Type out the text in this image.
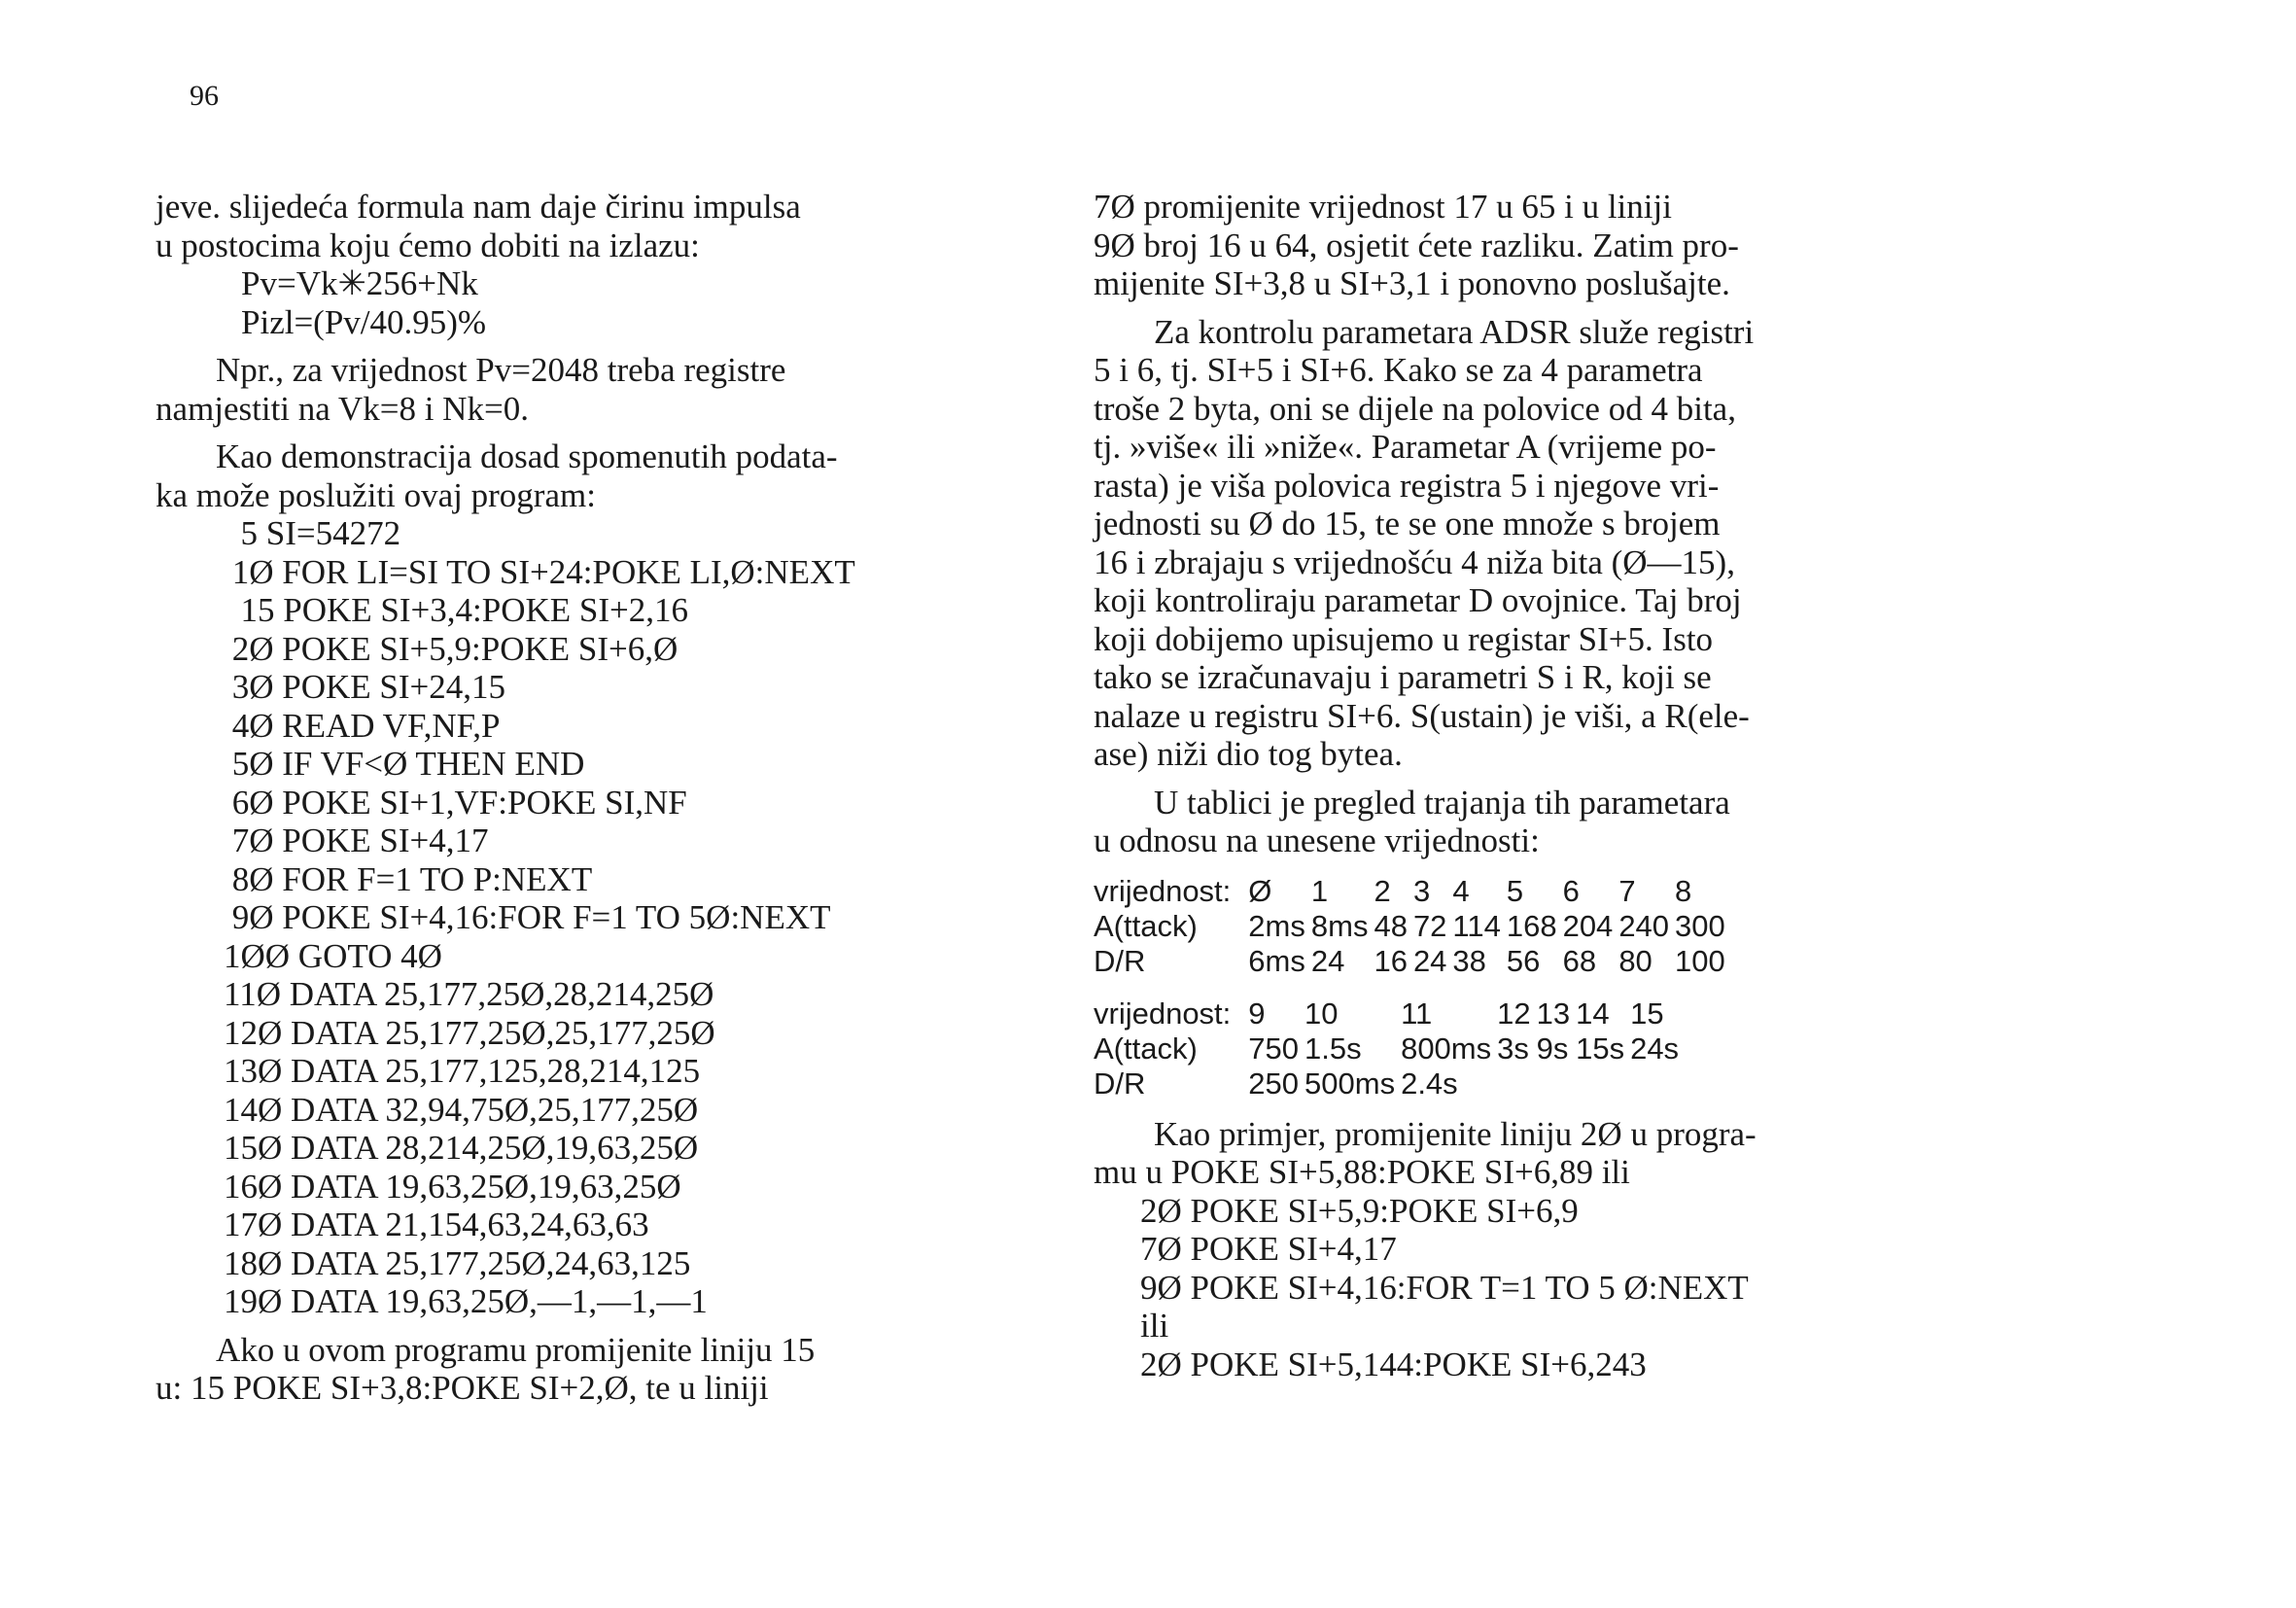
96
jeve. slijedeća formula nam daje čirinu impulsa
u postocima koju ćemo dobiti na izlazu:
Pv=Vk✳256+Nk
Pizl=(Pv/40.95)%
Npr., za vrijednost Pv=2048 treba registre
namjestiti na Vk=8 i Nk=0.
Kao demonstracija dosad spomenutih podata-
ka može poslužiti ovaj program:
5 SI=54272
1Ø FOR LI=SI TO SI+24:POKE LI,Ø:NEXT
15 POKE SI+3,4:POKE SI+2,16
2Ø POKE SI+5,9:POKE SI+6,Ø
3Ø POKE SI+24,15
4Ø READ VF,NF,P
5Ø IF VF<Ø THEN END
6Ø POKE SI+1,VF:POKE SI,NF
7Ø POKE SI+4,17
8Ø FOR F=1 TO P:NEXT
9Ø POKE SI+4,16:FOR F=1 TO 5Ø:NEXT
1ØØ GOTO 4Ø
11Ø DATA 25,177,25Ø,28,214,25Ø
12Ø DATA 25,177,25Ø,25,177,25Ø
13Ø DATA 25,177,125,28,214,125
14Ø DATA 32,94,75Ø,25,177,25Ø
15Ø DATA 28,214,25Ø,19,63,25Ø
16Ø DATA 19,63,25Ø,19,63,25Ø
17Ø DATA 21,154,63,24,63,63
18Ø DATA 25,177,25Ø,24,63,125
19Ø DATA 19,63,25Ø,—1,—1,—1
Ako u ovom programu promijenite liniju 15
u: 15 POKE SI+3,8:POKE SI+2,Ø, te u liniji
7Ø promijenite vrijednost 17 u 65 i u liniji
9Ø broj 16 u 64, osjetit ćete razliku. Zatim pro-
mijenite SI+3,8 u SI+3,1 i ponovno poslušajte.
Za kontrolu parametara ADSR služe registri
5 i 6, tj. SI+5 i SI+6. Kako se za 4 parametra
troše 2 byta, oni se dijele na polovice od 4 bita,
tj. »više« ili »niže«. Parametar A (vrijeme po-
rasta) je viša polovica registra 5 i njegove vri-
jednosti su Ø do 15, te se one množe s brojem
16 i zbrajaju s vrijednošću 4 niža bita (Ø—15),
koji kontroliraju parametar D ovojnice. Taj broj
koji dobijemo upisujemo u registar SI+5. Isto
tako se izračunavaju i parametri S i R, koji se
nalaze u registru SI+6. S(ustain) je viši, a R(ele-
ase) niži dio tog bytea.
U tablici je pregled trajanja tih parametara
u odnosu na unesene vrijednosti:
vrijednost:	Ø	1	2	3	4	5	6	7	8
A(ttack)	2ms	8ms	48	72	114	168	204	240	300
D/R	6ms	24	16	24	38	56	68	80	100
vrijednost:	9	10	11	12	13	14	15
A(ttack)	750	1.5s	800ms	3s	9s	15s	24s
D/R	250	500ms	2.4s				
Kao primjer, promijenite liniju 2Ø u progra-
mu u POKE SI+5,88:POKE SI+6,89 ili
2Ø POKE SI+5,9:POKE SI+6,9
7Ø POKE SI+4,17
9Ø POKE SI+4,16:FOR T=1 TO 5 Ø:NEXT
ili
2Ø POKE SI+5,144:POKE SI+6,243
